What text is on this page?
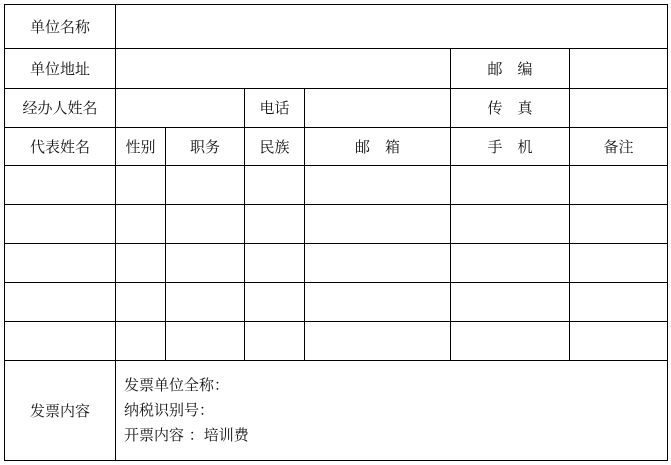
单位名称						
单位地址					邮　编	
经办人姓名			电话		传　真	
代表姓名	性别	职务	民族	邮　箱	手　机	备注

发票内容	发票单位全称：
纳税识别号：
开票内容 ：培训费					
